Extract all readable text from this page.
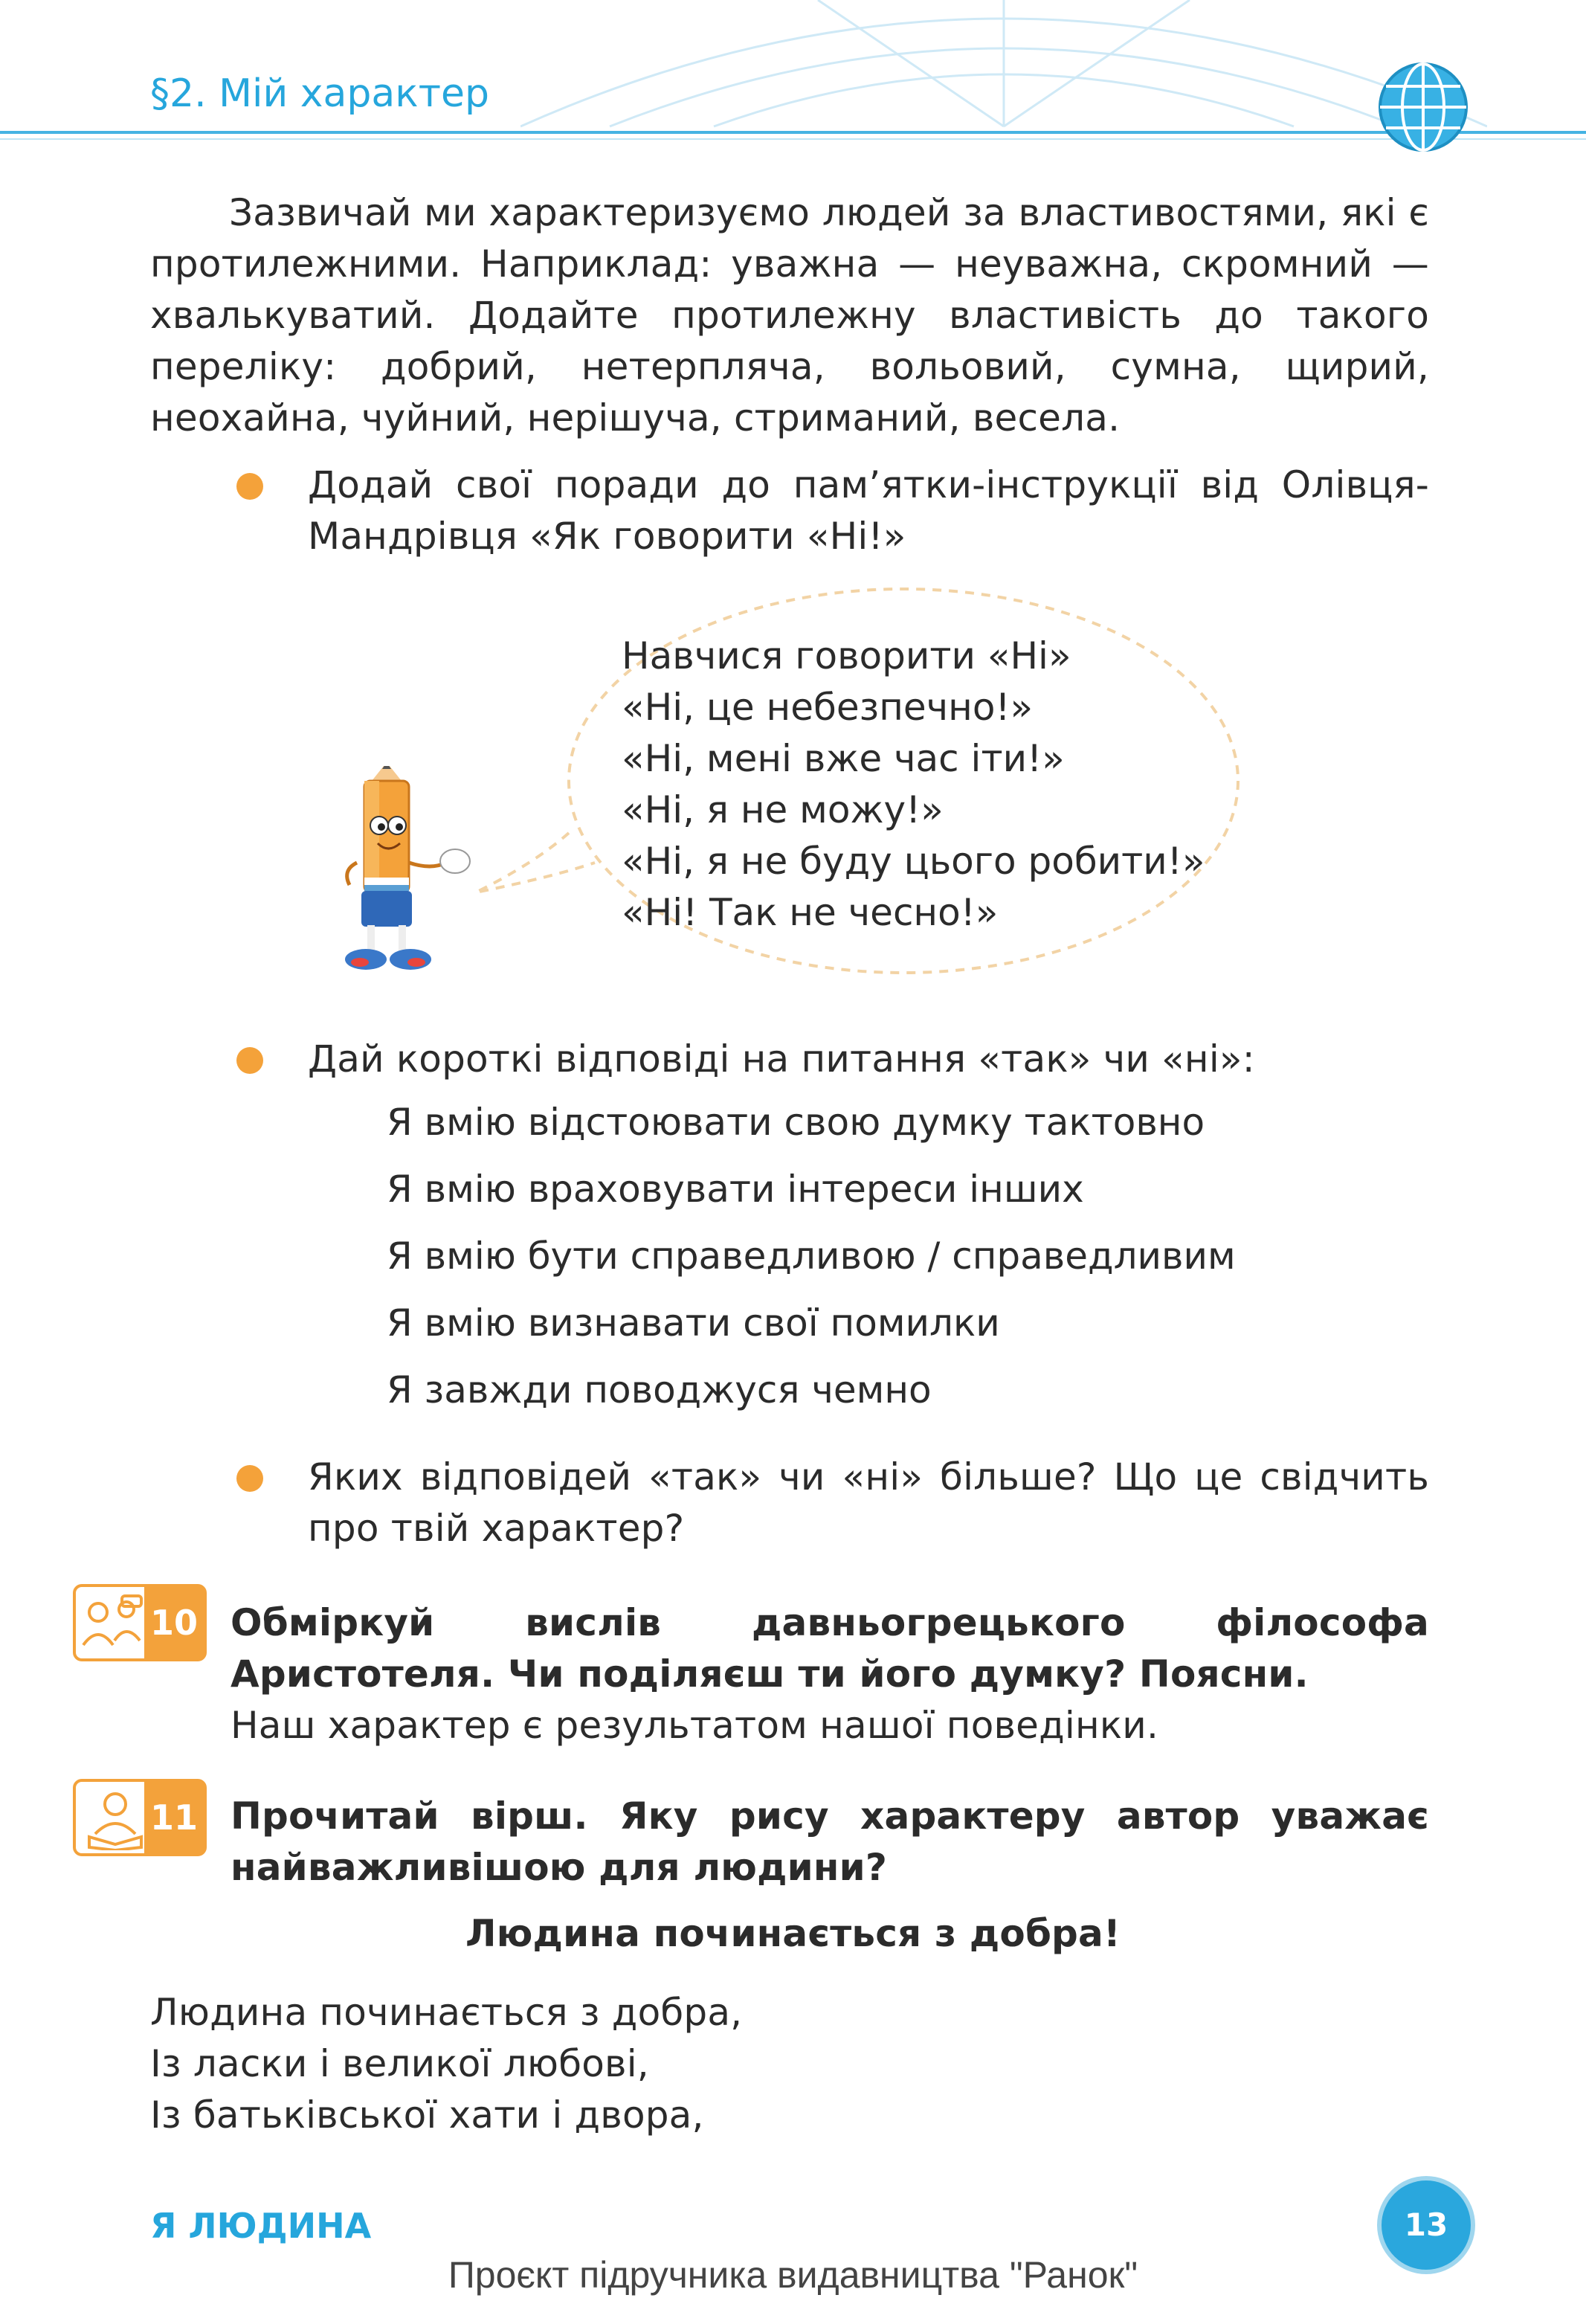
§2. Мій характер
Зазвичай ми характеризуємо людей за властивостями, які є протилежними. Наприклад: уважна — неуважна, скромний — хвалькуватий. Додайте протилежну властивість до такого переліку: добрий, нетерпляча, вольовий, сумна, щирий, неохайна, чуйний, нерішуча, стриманий, весела.
Додай свої поради до пам’ятки-інструкції від Олівця-Мандрівця «Як говорити «Ні!»
Навчися говорити «Ні»
«Ні, це небезпечно!»
«Ні, мені вже час іти!»
«Ні, я не можу!»
«Ні, я не буду цього робити!»
«Ні! Так не чесно!»
Дай короткі відповіді на питання «так» чи «ні»:
Я вмію відстоювати свою думку тактовно
Я вмію враховувати інтереси інших
Я вмію бути справедливою / справедливим
Я вмію визнавати свої помилки
Я завжди поводжуся чемно
Яких відповідей «так» чи «ні» більше? Що це свідчить про твій характер?
10 Обміркуй вислів давньогрецького філософа Аристотеля. Чи поділяєш ти його думку? Поясни.
Наш характер є результатом нашої поведінки.
11 Прочитай вірш. Яку рису характеру автор уважає найважливішою для людини?
Людина починається з добра!
Людина починається з добра,
Із ласки і великої любові,
Із батьківської хати і двора,
Я ЛЮДИНА	13
Проєкт підручника видавництва "Ранок"
